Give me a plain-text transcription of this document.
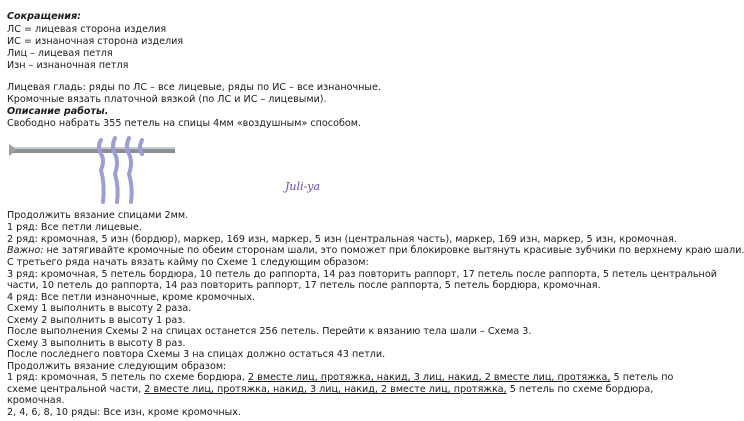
Сокращения:
ЛС = лицевая сторона изделия
ИС = изнаночная сторона изделия
Лиц – лицевая петля
Изн – изнаночная петля
Лицевая гладь: ряды по ЛС – все лицевые, ряды по ИС – все изнаночные.
Кромочные вязать платочной вязкой (по ЛС и ИС – лицевыми).
Описание работы.
Свободно набрать 355 петель на спицы 4мм «воздушным» способом.
Juli-ya
Продолжить вязание спицами 2мм.
1 ряд: Все петли лицевые.
2 ряд: кромочная, 5 изн (бордюр), маркер, 169 изн, маркер, 5 изн (центральная часть), маркер, 169 изн, маркер, 5 изн, кромочная.
Важно: не затягивайте кромочные по обеим сторонам шали, это поможет при блокировке вытянуть красивые зубчики по верхнему краю шали.
С третьего ряда начать вязать кайму по Схеме 1 следующим образом:
3 ряд: кромочная, 5 петель бордюра, 10 петель до раппорта, 14 раз повторить раппорт, 17 петель после раппорта, 5 петель центральной
части, 10 петель до раппорта, 14 раз повторить раппорт, 17 петель после раппорта, 5 петель бордюра, кромочная.
4 ряд: Все петли изнаночные, кроме кромочных.
Схему 1 выполнить в высоту 2 раза.
Схему 2 выполнить в высоту 1 раз.
После выполнения Схемы 2 на спицах останется 256 петель. Перейти к вязанию тела шали – Схема 3.
Схему 3 выполнить в высоту 8 раз.
После последнего повтора Схемы 3 на спицах должно остаться 43 петли.
Продолжить вязание следующим образом:
1 ряд: кромочная, 5 петель по схеме бордюра, 2 вместе лиц, протяжка, накид, 3 лиц, накид, 2 вместе лиц, протяжка, 5 петель по
схеме центральной части, 2 вместе лиц, протяжка, накид, 3 лиц, накид, 2 вместе лиц, протяжка, 5 петель по схеме бордюра,
кромочная.
2, 4, 6, 8, 10 ряды: Все изн, кроме кромочных.
